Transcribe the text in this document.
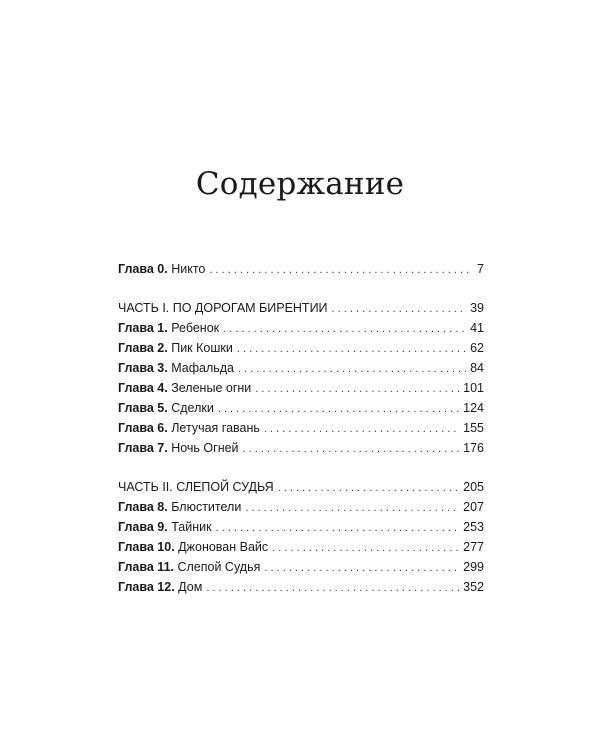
Содержание
Глава 0. Никто . . .	7
ЧАСТЬ I. ПО ДОРОГАМ БИРЕНТИИ . . .	39
Глава 1. Ребенок . . .	41
Глава 2. Пик Кошки . . .	62
Глава 3. Мафальда . . .	84
Глава 4. Зеленые огни . . .	101
Глава 5. Сделки . . .	124
Глава 6. Летучая гавань . . .	155
Глава 7. Ночь Огней . . .	176
ЧАСТЬ II. СЛЕПОЙ СУДЬЯ . . .	205
Глава 8. Блюстители . . .	207
Глава 9. Тайник . . .	253
Глава 10. Джонован Вайс . . .	277
Глава 11. Слепой Судья . . .	299
Глава 12. Дом . . .	352
